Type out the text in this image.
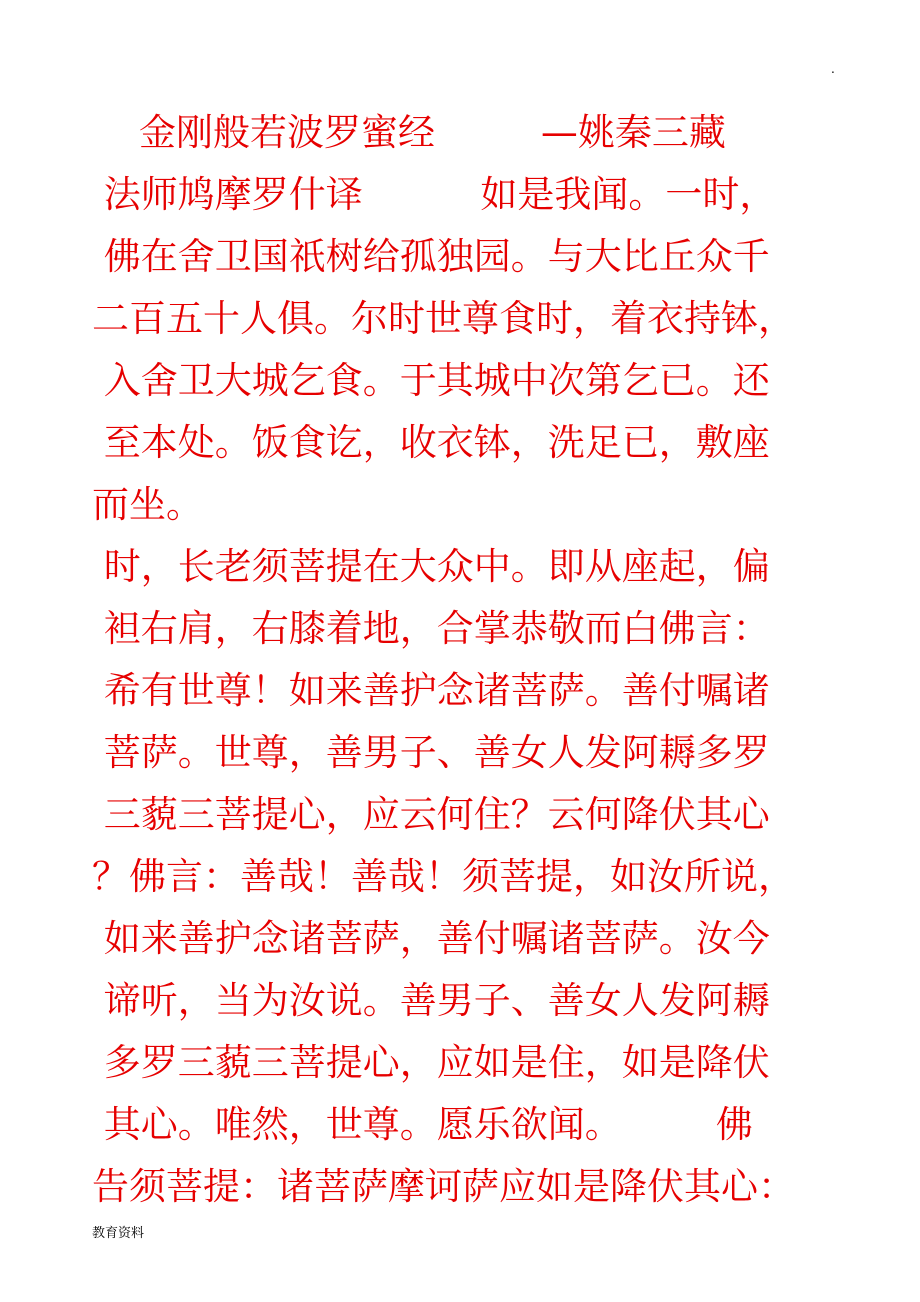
.
金刚般若波罗蜜经         —姚秦三藏
法师鸠摩罗什译          如是我闻。一时，
佛在舍卫国祇树给孤独园。与大比丘众千
二百五十人俱。尔时世尊食时，着衣持钵，
入舍卫大城乞食。于其城中次第乞已。还
至本处。饭食讫，收衣钵，洗足已，敷座
而坐。
时，长老须菩提在大众中。即从座起，偏
袒右肩，右膝着地，合掌恭敬而白佛言：
希有世尊！如来善护念诸菩萨。善付嘱诸
菩萨。世尊，善男子、善女人发阿耨多罗
三藐三菩提心，应云何住？云何降伏其心
？佛言：善哉！善哉！须菩提，如汝所说，
如来善护念诸菩萨，善付嘱诸菩萨。汝今
谛听，当为汝说。善男子、善女人发阿耨
多罗三藐三菩提心，应如是住，如是降伏
其心。唯然，世尊。愿乐欲闻。        佛
告须菩提：诸菩萨摩诃萨应如是降伏其心：
教育资料
